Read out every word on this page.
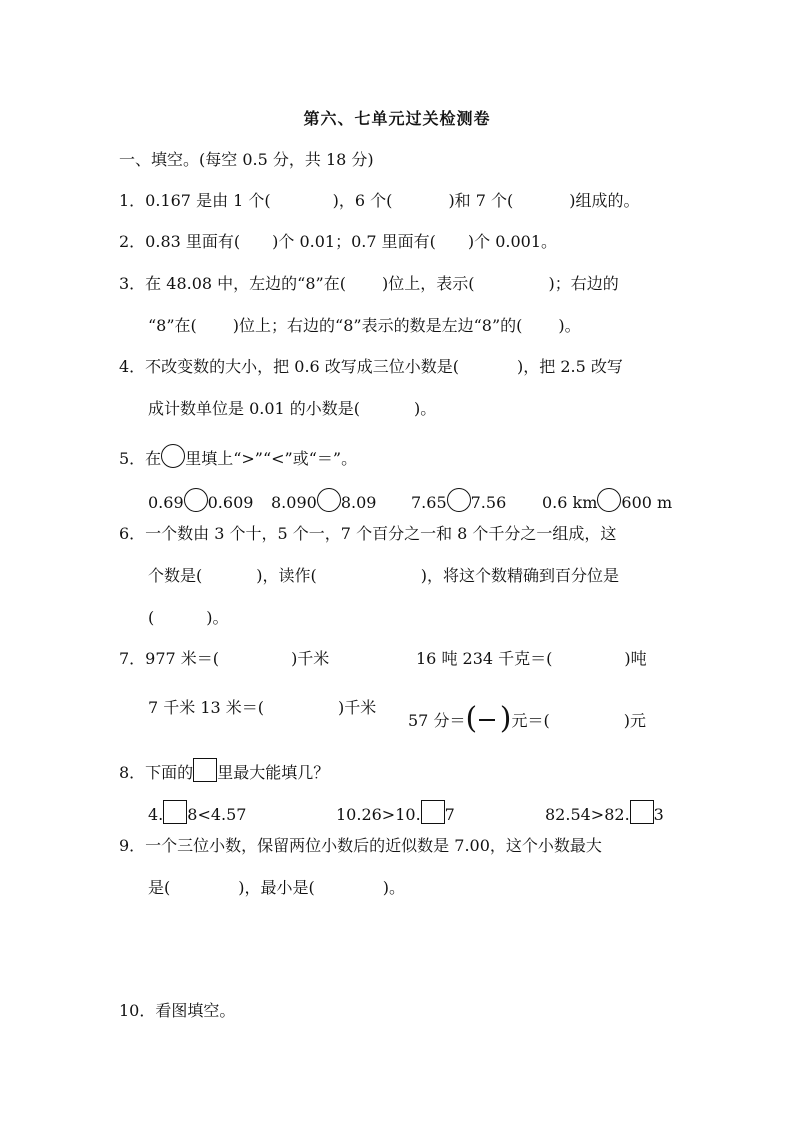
第六、七单元过关检测卷
一、填空。(每空 0.5 分，共 18 分)
1．0.167 是由 1 个(	)，6 个(	)和 7 个(	)组成的。
2．0.83 里面有( )个 0.01；0.7 里面有( )个 0.001。
3．在 48.08 中，左边的“8”在( )位上，表示(	)；右边的
“8”在( )位上；右边的“8”表示的数是左边“8”的( )。
4．不改变数的大小，把 0.6 改写成三位小数是(	)，把 2.5 改写
成计数单位是 0.01 的小数是(	)。
5．在 里填上“>”“<”或“＝”。
0.69 0.609 8.090 8.09 7.65 7.56 0.6 km 600 m
6．一个数由 3 个十，5 个一，7 个百分之一和 8 个千分之一组成，这
个数是(	)，读作(	)，将这个数精确到百分位是
(	)。
7．977 米＝(	)千米	16 吨 234 千克＝(	)吨
7 千米 13 米＝(	)千米
57 分＝ ( ) 元＝(	)元
8．下面的 里最大能填几？
4. 8<4.57	10.26>10. 7	82.54>82. 3
9．一个三位小数，保留两位小数后的近似数是 7.00，这个小数最大
是(	)，最小是(	)。
10．看图填空。
